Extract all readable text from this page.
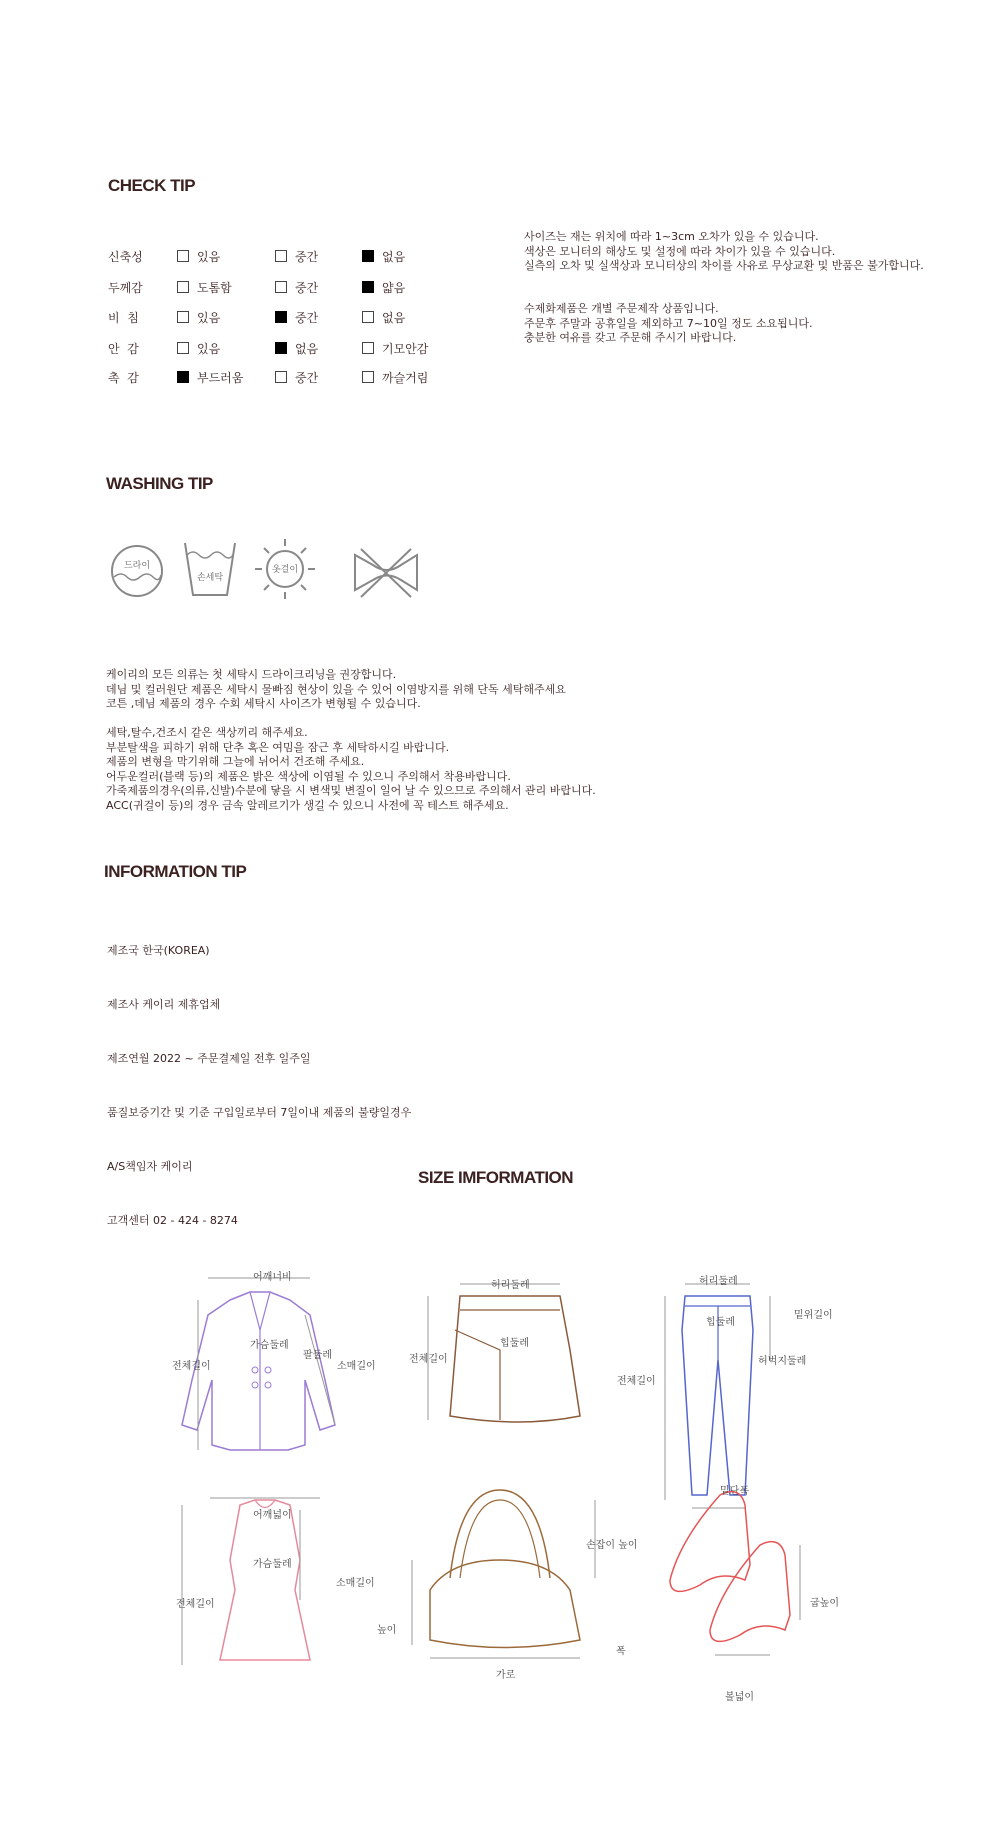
CHECK TIP
신축성	있음	중간	없음
두께감	도톰함	중간	얇음
비  침	있음	중간	없음
안  감	있음	없음	기모안감
촉  감	부드러움	중간	까슬거림

사이즈는 재는 위치에 따라 1~3cm 오차가 있을 수 있습니다.

색상은 모니터의 해상도 및 설정에 따라 차이가 있을 수 있습니다.

실측의 오차 및 실색상과 모니터상의 차이를 사유로 무상교환 및 반품은 불가합니다.

수제화제품은 개별 주문제작 상품입니다.

주문후 주말과 공휴일을 제외하고 7~10일 정도 소요됩니다.

충분한 여유를 갖고 주문해 주시기 바랍니다.

WASHING TIP
드라이
손세탁
옷걸이

케이리의 모든 의류는 첫 세탁시 드라이크리닝을 권장합니다.

데님 및 컬러원단 제품은 세탁시 물빠짐 현상이 있을 수 있어 이염방지를 위해 단독 세탁해주세요

코튼 ,데님 제품의 경우 수회 세탁시 사이즈가 변형될 수 있습니다.

세탁,탈수,건조시 같은 색상끼리 해주세요.

부분탈색을 피하기 위해 단추 혹은 여밈을 잠근 후 세탁하시길 바랍니다.

제품의 변형을 막기위해 그늘에 뉘어서 건조해 주세요.

어두운컬러(블랙 등)의 제품은 밝은 색상에 이염될 수 있으니 주의해서 착용바랍니다.

가죽제품의경우(의류,신발)수분에 닿을 시 변색및 변질이 일어 날 수 있으므로 주의해서 관리 바랍니다.

ACC(귀걸이 등)의 경우 금속 알레르기가 생길 수 있으니 사전에 꼭 테스트 해주세요.

INFORMATION TIP

제조국 한국(KOREA)

제조사 케이리 제휴업체

제조연월 2022 ~ 주문결제일 전후 일주일

품질보증기간 및 기준 구입일로부터 7일이내 제품의 불량일경우

A/S책임자 케이리

고객센터 02 - 424 - 8274

SIZE IMFORMATION
어깨너비
가슴둘레
팔둘레
소매길이
전체길이
허리둘레
힙둘레
전체길이
허리둘레
힙둘레
밑위길이
허벅지둘레
전체길이
밑단폭
어깨넓이
가슴둘레
소매길이
전체길이
손잡이 높이
높이
가로
폭
굽높이
볼넓이
